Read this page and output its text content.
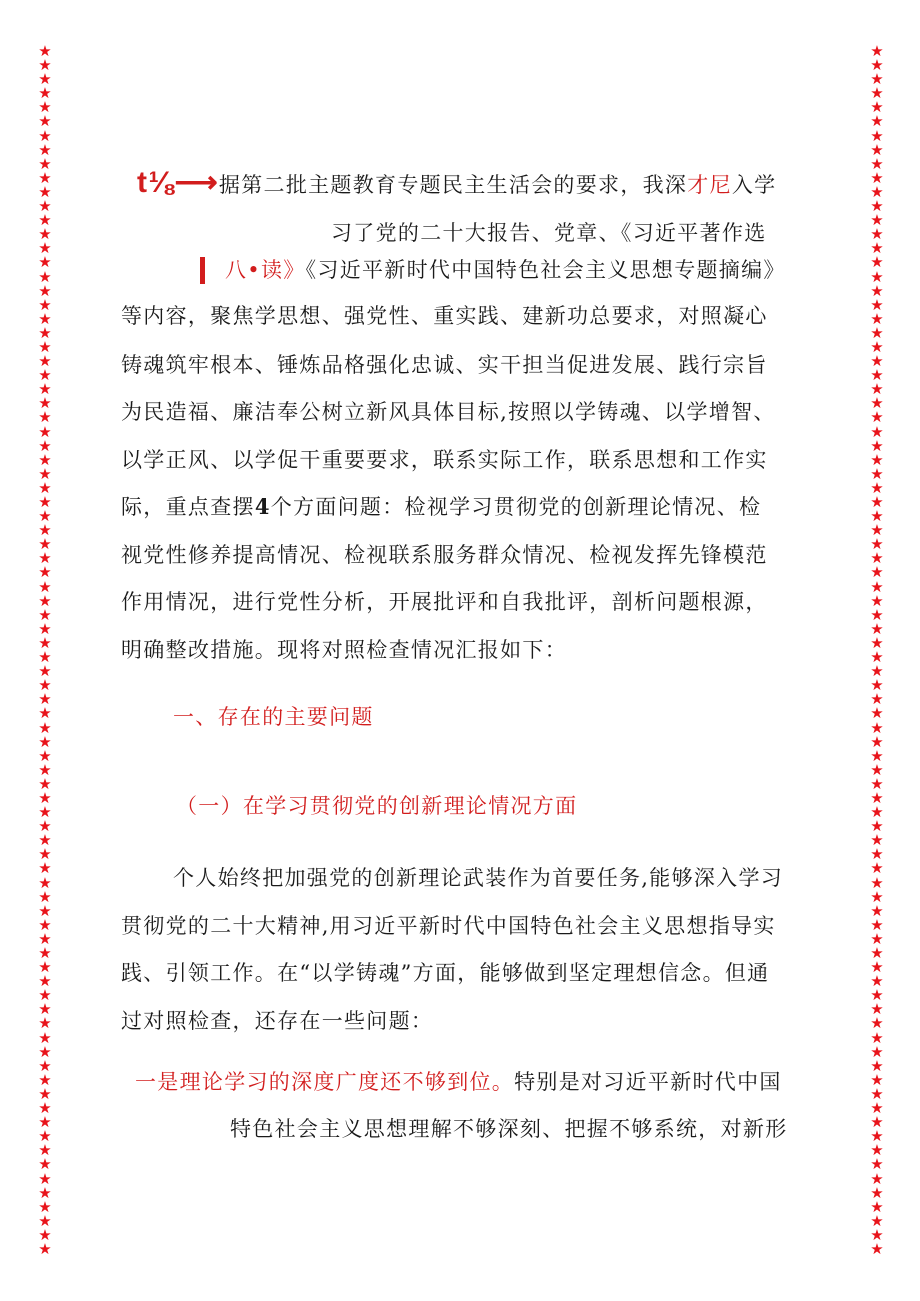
★
★
★
★
★
★
★
★
★
★
★
★
★
★
★
★
★
★
★
★
★
★
★
★
★
★
★
★
★
★
★
★
★
★
★
★
★
★
★
★
★
★
★
★
★
★
★
★
★
★
★
★
★
★
★
★
★
★
★
★
★
★
★
★
★
★
★
★
★
★
★
★
★
★
★
★
★
★
★
★
★
★
★
★
★
★
★
★
★
★
★
★
★
★
★
★
★
★
★
★
★
★
★
★
★
★
★
★
★
★
★
★
★
★
★
★
★
★
★
★
★
★
★
★
★
★
★
★
★
★
★
★
★
★
★
★
★
★
★
★
★
★
★
★
★
★
★
★
★
★
★
★
★
★
★
★
★
★
★
★
★
★
★
★
★
★
★
★
★
★
★
★
t⅛⟶据第二批主题教育专题民主生活会的要求，我深才尼入学
习了党的二十大报告、党章、《习近平著作选
八•读》《习近平新时代中国特色社会主义思想专题摘编》
等内容，聚焦学思想、强党性、重实践、建新功总要求，对照凝心
铸魂筑牢根本、锤炼品格强化忠诚、实干担当促进发展、践行宗旨
为民造福、廉洁奉公树立新风具体目标,按照以学铸魂、以学增智、
以学正风、以学促干重要要求，联系实际工作，联系思想和工作实
际，重点查摆4个方面问题：检视学习贯彻党的创新理论情况、检
视党性修养提高情况、检视联系服务群众情况、检视发挥先锋模范
作用情况，进行党性分析，开展批评和自我批评，剖析问题根源，
明确整改措施。现将对照检查情况汇报如下：
一、存在的主要问题
（一）在学习贯彻党的创新理论情况方面
个人始终把加强党的创新理论武装作为首要任务,能够深入学习
贯彻党的二十大精神,用习近平新时代中国特色社会主义思想指导实
践、引领工作。在“以学铸魂”方面，能够做到坚定理想信念。但通
过对照检查，还存在一些问题：
一是理论学习的深度广度还不够到位。特别是对习近平新时代中国
特色社会主义思想理解不够深刻、把握不够系统，对新形
